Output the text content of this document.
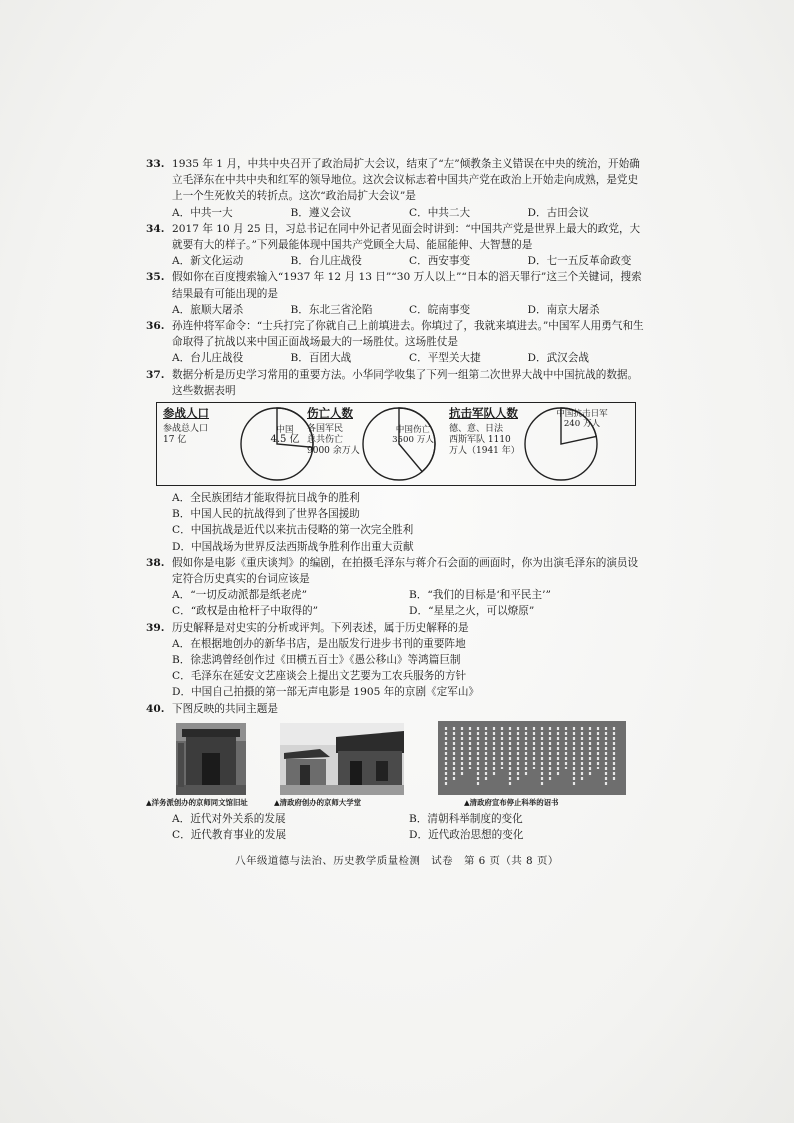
33. 1935 年 1 月，中共中央召开了政治局扩大会议，结束了“左”倾教条主义错误在中央的统治，开始确立毛泽东在中共中央和红军的领导地位。这次会议标志着中国共产党在政治上开始走向成熟，是党史上一个生死攸关的转折点。这次“政治局扩大会议”是
A．中共一大	B．遵义会议	C．中共二大	D．古田会议
34. 2017 年 10 月 25 日，习总书记在同中外记者见面会时讲到：“中国共产党是世界上最大的政党，大就要有大的样子。”下列最能体现中国共产党顾全大局、能屈能伸、大智慧的是
A．新文化运动	B．台儿庄战役	C．西安事变	D．七一五反革命政变
35. 假如你在百度搜索输入“1937 年 12 月 13 日”“30 万人以上”“日本的滔天罪行”这三个关键词，搜索结果最有可能出现的是
A．旅顺大屠杀	B．东北三省沦陷	C．皖南事变	D．南京大屠杀
36. 孙连仲将军命令：“士兵打完了你就自己上前填进去。你填过了，我就来填进去。”中国军人用勇气和生命取得了抗战以来中国正面战场最大的一场胜仗。这场胜仗是
A．台儿庄战役	B．百团大战	C．平型关大捷	D．武汉会战
37. 数据分析是历史学习常用的重要方法。小华同学收集了下列一组第二次世界大战中中国抗战的数据。这些数据表明
参战人口
参战总人口
17 亿
中国
4.5 亿
伤亡人数
各国军民
总共伤亡
9000 余万人
中国伤亡
3500 万人
抗击军队人数
德、意、日法
西斯军队 1110
万人（1941 年）
中国抗击日军
240 万人
A．全民族团结才能取得抗日战争的胜利
B．中国人民的抗战得到了世界各国援助
C．中国抗战是近代以来抗击侵略的第一次完全胜利
D．中国战场为世界反法西斯战争胜利作出重大贡献
38. 假如你是电影《重庆谈判》的编剧，在拍摄毛泽东与蒋介石会面的画面时，你为出演毛泽东的演员设定符合历史真实的台词应该是
A．“一切反动派都是纸老虎”	B．“我们的目标是‘和平民主’”
C．“政权是由枪杆子中取得的”	D．“星星之火，可以燎原”
39. 历史解释是对史实的分析或评判。下列表述，属于历史解释的是
A．在根据地创办的新华书店，是出版发行进步书刊的重要阵地
B．徐悲鸿曾经创作过《田横五百士》《愚公移山》等鸿篇巨制
C．毛泽东在延安文艺座谈会上提出文艺要为工农兵服务的方针
D．中国自己拍摄的第一部无声电影是 1905 年的京剧《定军山》
40. 下图反映的共同主题是
▲洋务派创办的京师同文馆旧址	▲清政府创办的京师大学堂	▲清政府宣布停止科举的诏书
A．近代对外关系的发展	B．清朝科举制度的变化
C．近代教育事业的发展	D．近代政治思想的变化
八年级道德与法治、历史教学质量检测　试卷　第 6 页（共 8 页）
